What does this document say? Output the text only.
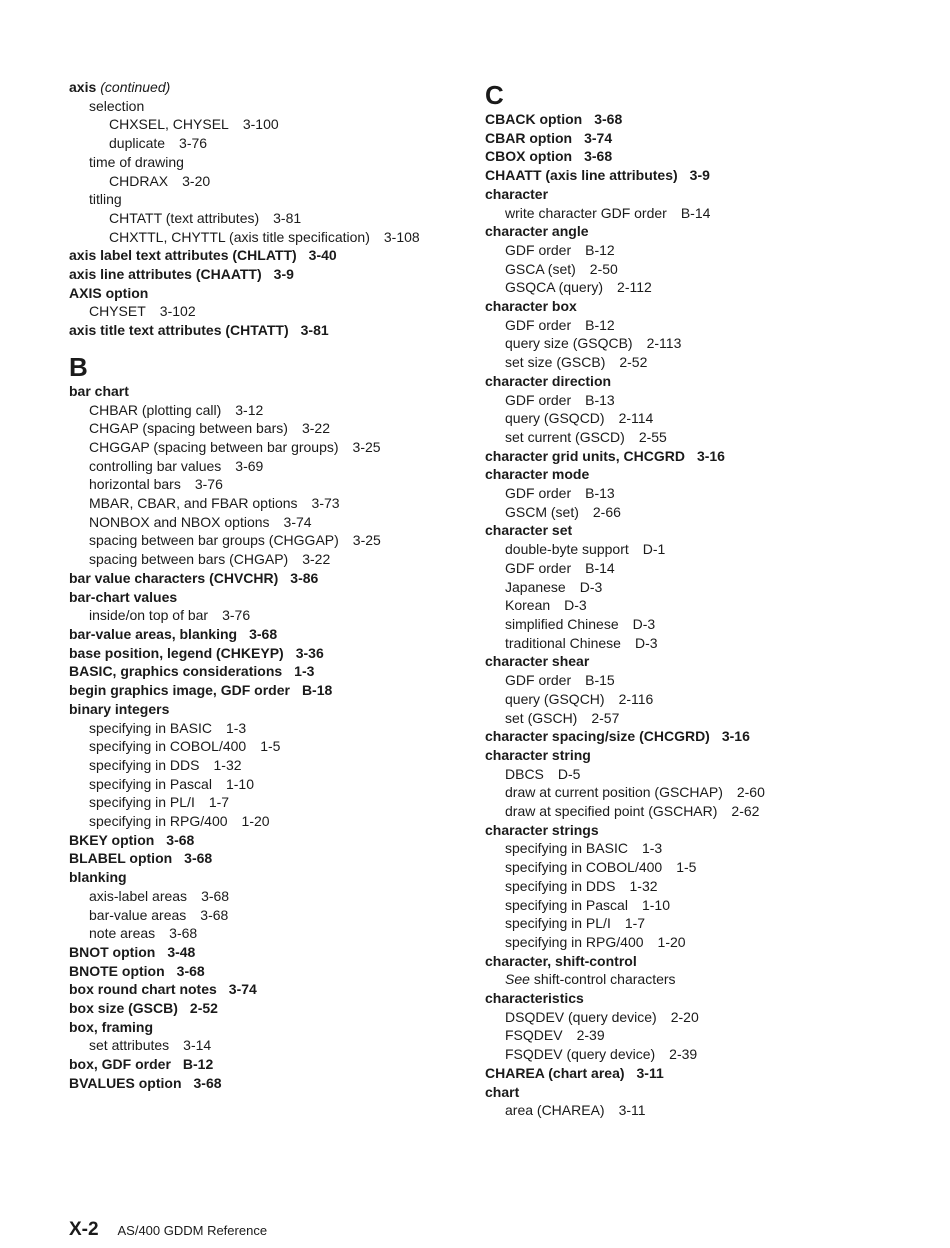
axis (continued)
selection
CHXSEL, CHYSEL 3-100
duplicate 3-76
time of drawing
CHDRAX 3-20
titling
CHTATT (text attributes) 3-81
CHXTTL, CHYTTL (axis title specification) 3-108
axis label text attributes (CHLATT) 3-40
axis line attributes (CHAATT) 3-9
AXIS option
CHYSET 3-102
axis title text attributes (CHTATT) 3-81
B
bar chart
CHBAR (plotting call) 3-12
CHGAP (spacing between bars) 3-22
CHGGAP (spacing between bar groups) 3-25
controlling bar values 3-69
horizontal bars 3-76
MBAR, CBAR, and FBAR options 3-73
NONBOX and NBOX options 3-74
spacing between bar groups (CHGGAP) 3-25
spacing between bars (CHGAP) 3-22
bar value characters (CHVCHR) 3-86
bar-chart values
inside/on top of bar 3-76
bar-value areas, blanking 3-68
base position, legend (CHKEYP) 3-36
BASIC, graphics considerations 1-3
begin graphics image, GDF order B-18
binary integers
specifying in BASIC 1-3
specifying in COBOL/400 1-5
specifying in DDS 1-32
specifying in Pascal 1-10
specifying in PL/I 1-7
specifying in RPG/400 1-20
BKEY option 3-68
BLABEL option 3-68
blanking
axis-label areas 3-68
bar-value areas 3-68
note areas 3-68
BNOT option 3-48
BNOTE option 3-68
box round chart notes 3-74
box size (GSCB) 2-52
box, framing
set attributes 3-14
box, GDF order B-12
BVALUES option 3-68
C
CBACK option 3-68
CBAR option 3-74
CBOX option 3-68
CHAATT (axis line attributes) 3-9
character
write character GDF order B-14
character angle
GDF order B-12
GSCA (set) 2-50
GSQCA (query) 2-112
character box
GDF order B-12
query size (GSQCB) 2-113
set size (GSCB) 2-52
character direction
GDF order B-13
query (GSQCD) 2-114
set current (GSCD) 2-55
character grid units, CHCGRD 3-16
character mode
GDF order B-13
GSCM (set) 2-66
character set
double-byte support D-1
GDF order B-14
Japanese D-3
Korean D-3
simplified Chinese D-3
traditional Chinese D-3
character shear
GDF order B-15
query (GSQCH) 2-116
set (GSCH) 2-57
character spacing/size (CHCGRD) 3-16
character string
DBCS D-5
draw at current position (GSCHAP) 2-60
draw at specified point (GSCHAR) 2-62
character strings
specifying in BASIC 1-3
specifying in COBOL/400 1-5
specifying in DDS 1-32
specifying in Pascal 1-10
specifying in PL/I 1-7
specifying in RPG/400 1-20
character, shift-control
See shift-control characters
characteristics
DSQDEV (query device) 2-20
FSQDEV 2-39
FSQDEV (query device) 2-39
CHAREA (chart area) 3-11
chart
area (CHAREA) 3-11
X-2 AS/400 GDDM Reference
